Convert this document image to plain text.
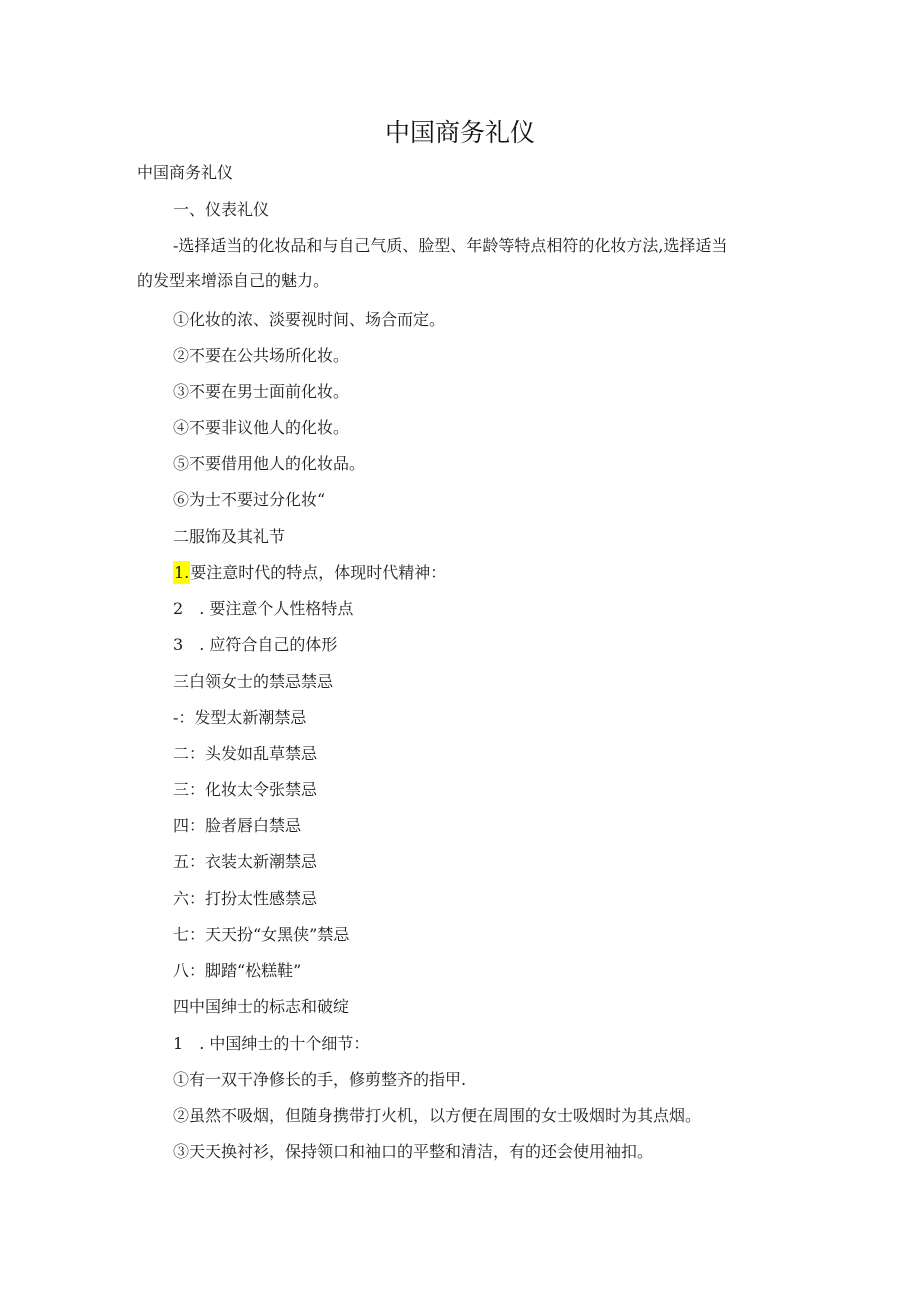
中国商务礼仪
中国商务礼仪
一、仪表礼仪
-选择适当的化妆品和与自己气质、脸型、年龄等特点相符的化妆方法,选择适当
的发型来增添自己的魅力。
①化妆的浓、淡要视时间、场合而定。
②不要在公共场所化妆。
③不要在男士面前化妆。
④不要非议他人的化妆。
⑤不要借用他人的化妆品。
⑥为士不要过分化妆“
二服饰及其礼节
1.要注意时代的特点，体现时代精神：
2 . 要注意个人性格特点
3 . 应符合自己的体形
三白领女士的禁忌禁忌
-：发型太新潮禁忌
二：头发如乱草禁忌
三：化妆太令张禁忌
四：脸者唇白禁忌
五：衣装太新潮禁忌
六：打扮太性感禁忌
七：天天扮“女黑侠”禁忌
八：脚踏“松糕鞋”
四中国绅士的标志和破绽
1 . 中国绅士的十个细节：
①有一双干净修长的手，修剪整齐的指甲.
②虽然不吸烟，但随身携带打火机，以方便在周围的女士吸烟时为其点烟。
③天天换衬衫，保持领口和袖口的平整和清洁，有的还会使用袖扣。
